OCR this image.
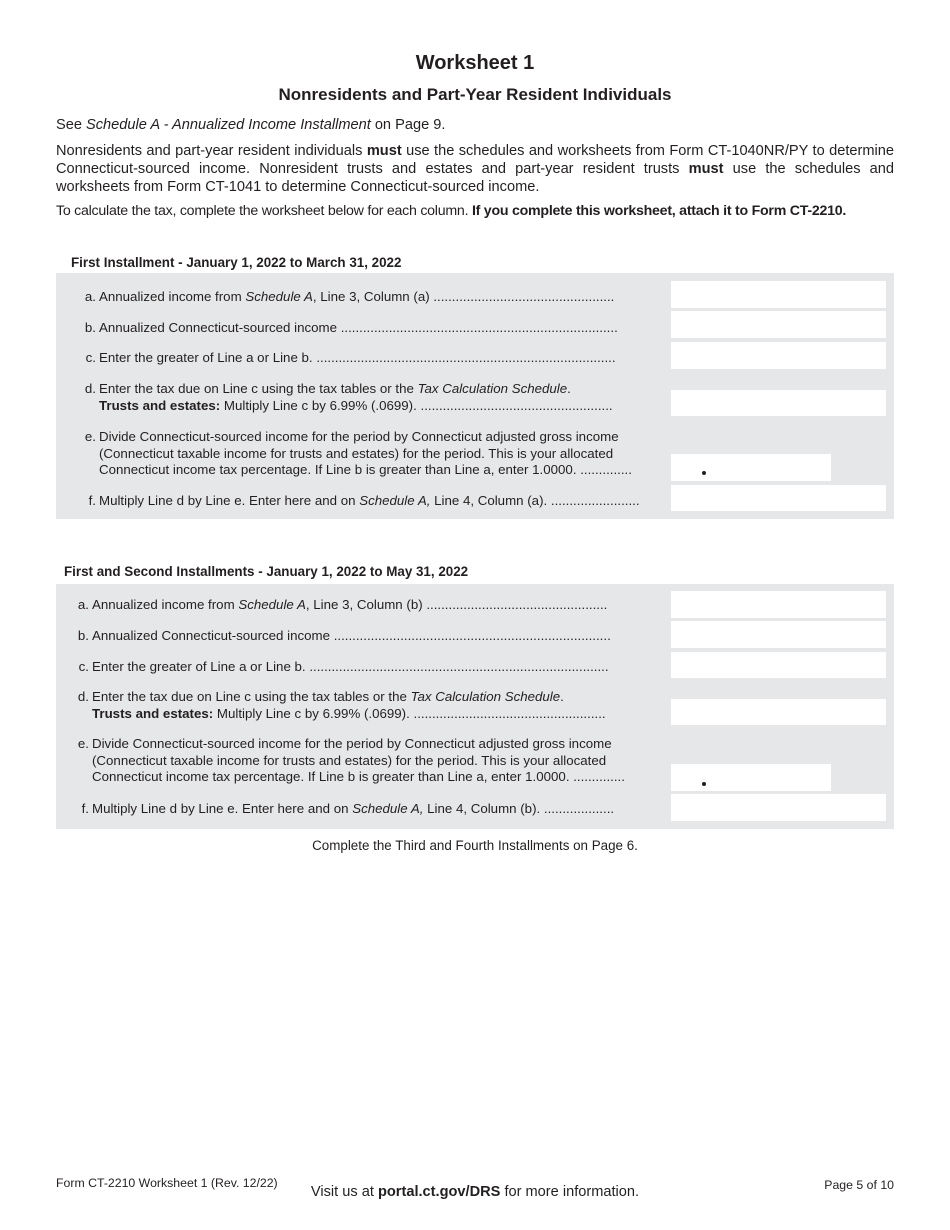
Worksheet 1
Nonresidents and Part-Year Resident Individuals
See Schedule A - Annualized Income Installment on Page 9.
Nonresidents and part-year resident individuals must use the schedules and worksheets from Form CT-1040NR/PY to determine Connecticut-sourced income. Nonresident trusts and estates and part-year resident trusts must use the schedules and worksheets from Form CT-1041 to determine Connecticut-sourced income.
To calculate the tax, complete the worksheet below for each column. If you complete this worksheet, attach it to Form CT-2210.
First Installment - January 1, 2022 to March 31, 2022
a. Annualized income from Schedule A, Line 3, Column (a) .................................................
b. Annualized Connecticut-sourced income ...........................................................................
c. Enter the greater of Line a or Line b. .................................................................................
d. Enter the tax due on Line c using the tax tables or the Tax Calculation Schedule.
Trusts and estates: Multiply Line c by 6.99% (.0699). ....................................................
e. Divide Connecticut-sourced income for the period by Connecticut adjusted gross income
(Connecticut taxable income for trusts and estates) for the period. This is your allocated
Connecticut income tax percentage. If Line b is greater than Line a, enter 1.0000. ..............
f. Multiply Line d by Line e. Enter here and on Schedule A, Line 4, Column (a). ........................
First and Second Installments - January 1, 2022 to May 31, 2022
a. Annualized income from Schedule A, Line 3, Column (b) .................................................
b. Annualized Connecticut-sourced income ...........................................................................
c. Enter the greater of Line a or Line b. .................................................................................
d. Enter the tax due on Line c using the tax tables or the Tax Calculation Schedule.
Trusts and estates: Multiply Line c by 6.99% (.0699). ....................................................
e. Divide Connecticut-sourced income for the period by Connecticut adjusted gross income
(Connecticut taxable income for trusts and estates) for the period. This is your allocated
Connecticut income tax percentage. If Line b is greater than Line a, enter 1.0000. ..............
f. Multiply Line d by Line e. Enter here and on Schedule A, Line 4, Column (b). ...................
Complete the Third and Fourth Installments on Page 6.
Form CT-2210 Worksheet 1 (Rev. 12/22)
Visit us at portal.ct.gov/DRS for more information.	Page 5 of 10
